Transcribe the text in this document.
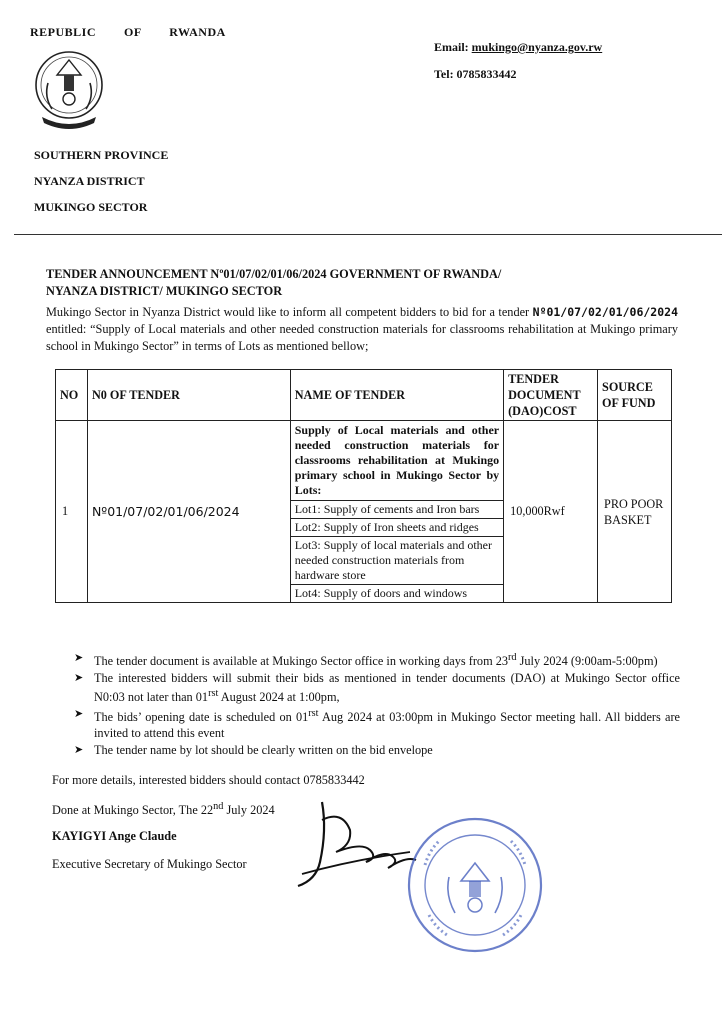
REPUBLIC        OF        RWANDA
Email: mukingo@nyanza.gov.rw
Tel: 0785833442
SOUTHERN PROVINCE
NYANZA DISTRICT
MUKINGO SECTOR
TENDER ANNOUNCEMENT Nº01/07/02/01/06/2024 GOVERNMENT OF RWANDA/
NYANZA DISTRICT/ MUKINGO SECTOR
Mukingo Sector in Nyanza District would like to inform all competent bidders to bid for a tender Nº01/07/02/01/06/2024 entitled: “Supply of Local materials and other needed construction materials for classrooms rehabilitation at Mukingo primary school in Mukingo Sector” in terms of Lots as mentioned bellow;
NO	N0 OF TENDER	NAME OF TENDER	TENDER DOCUMENT (DAO)COST	SOURCE OF FUND
1	Nº01/07/02/01/06/2024	Supply of Local materials and other needed construction materials for classrooms rehabilitation at Mukingo primary school in Mukingo Sector by Lots:
Lot1: Supply of cements and Iron bars
Lot2: Supply of Iron sheets and ridges
Lot3: Supply of local materials and other needed construction materials from hardware store
Lot4: Supply of doors and windows	10,000Rwf	PRO POOR BASKET
➤ The tender document is available at Mukingo Sector office in working days from 23rd July 2024 (9:00am-5:00pm)
➤ The interested bidders will submit their bids as mentioned in tender documents (DAO) at Mukingo Sector office N0:03 not later than $01^{rst}$ August 2024 at 1:00pm,
➤ The bids’ opening date is scheduled on $01^{rst}$ Aug 2024 at 03:00pm in Mukingo Sector meeting hall. All bidders are invited to attend this event
➤ The tender name by lot should be clearly written on the bid envelope
For more details, interested bidders should contact 0785833442
Done at Mukingo Sector, The 22nd July 2024
KAYIGYI Ange Claude
Executive Secretary of Mukingo Sector
